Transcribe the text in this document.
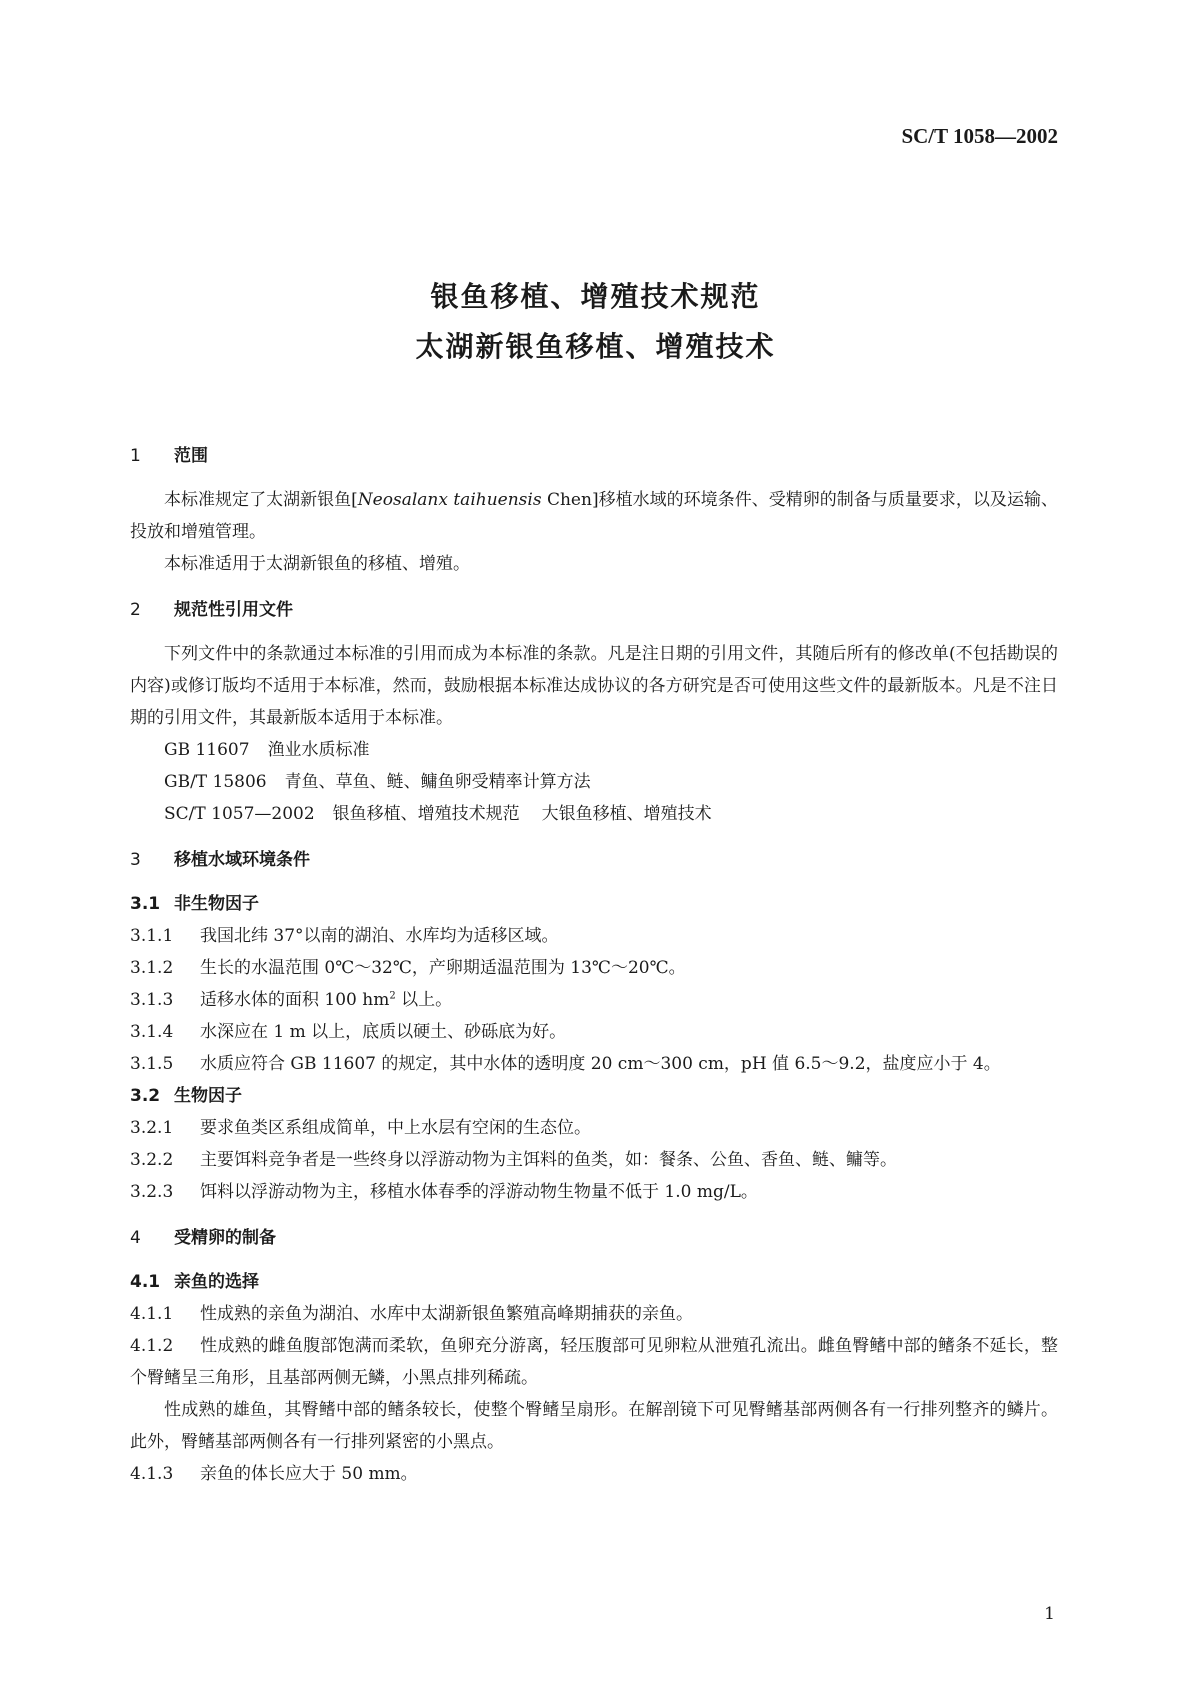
SC/T 1058—2002
银鱼移植、增殖技术规范
太湖新银鱼移植、增殖技术
1 范围
本标准规定了太湖新银鱼[Neosalanx taihuensis Chen]移植水域的环境条件、受精卵的制备与质量要求，以及运输、投放和增殖管理。
本标准适用于太湖新银鱼的移植、增殖。
2 规范性引用文件
下列文件中的条款通过本标准的引用而成为本标准的条款。凡是注日期的引用文件，其随后所有的修改单(不包括勘误的内容)或修订版均不适用于本标准，然而，鼓励根据本标准达成协议的各方研究是否可使用这些文件的最新版本。凡是不注日期的引用文件，其最新版本适用于本标准。
GB 11607 渔业水质标准
GB/T 15806 青鱼、草鱼、鲢、鳙鱼卵受精率计算方法
SC/T 1057—2002 银鱼移植、增殖技术规范 大银鱼移植、增殖技术
3 移植水域环境条件
3.1 非生物因子
3.1.1 我国北纬 37°以南的湖泊、水库均为适移区域。
3.1.2 生长的水温范围 0℃～32℃，产卵期适温范围为 13℃～20℃。
3.1.3 适移水体的面积 100 $hm^2$ 以上。
3.1.4 水深应在 1 m 以上，底质以硬土、砂砾底为好。
3.1.5 水质应符合 GB 11607 的规定，其中水体的透明度 20 cm～300 cm，pH 值 6.5～9.2，盐度应小于 4。
3.2 生物因子
3.2.1 要求鱼类区系组成简单，中上水层有空闲的生态位。
3.2.2 主要饵料竞争者是一些终身以浮游动物为主饵料的鱼类，如：餐条、公鱼、香鱼、鲢、鳙等。
3.2.3 饵料以浮游动物为主，移植水体春季的浮游动物生物量不低于 1.0 mg/L。
4 受精卵的制备
4.1 亲鱼的选择
4.1.1 性成熟的亲鱼为湖泊、水库中太湖新银鱼繁殖高峰期捕获的亲鱼。
4.1.2 性成熟的雌鱼腹部饱满而柔软，鱼卵充分游离，轻压腹部可见卵粒从泄殖孔流出。雌鱼臀鳍中部的鳍条不延长，整个臀鳍呈三角形，且基部两侧无鳞，小黑点排列稀疏。
性成熟的雄鱼，其臀鳍中部的鳍条较长，使整个臀鳍呈扇形。在解剖镜下可见臀鳍基部两侧各有一行排列整齐的鳞片。此外，臀鳍基部两侧各有一行排列紧密的小黑点。
4.1.3 亲鱼的体长应大于 50 mm。
1
